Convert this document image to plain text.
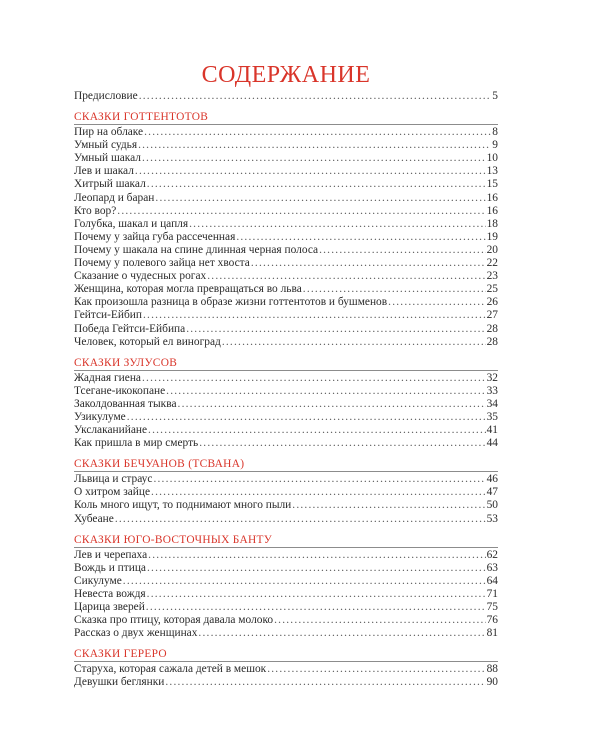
СОДЕРЖАНИЕ
Предисловие .....	5
СКАЗКИ ГОТТЕНТОТОВ
Пир на облаке .....	8
Умный судья .....	9
Умный шакал .....	10
Лев и шакал .....	13
Хитрый шакал .....	15
Леопард и баран .....	16
Кто вор? .....	16
Голубка, шакал и цапля .....	18
Почему у зайца губа рассеченная .....	19
Почему у шакала на спине длинная черная полоса .....	20
Почему у полевого зайца нет хвоста .....	22
Сказание о чудесных рогах .....	23
Женщина, которая могла превращаться во льва .....	25
Как произошла разница в образе жизни готтентотов и бушменов .....	26
Гейтси-Ейбип .....	27
Победа Гейтси-Ейбипа .....	28
Человек, который ел виноград .....	28
СКАЗКИ ЗУЛУСОВ
Жадная гиена .....	32
Тсегане-икокопане .....	33
Заколдованная тыква .....	34
Узикулуме .....	35
Укслаканийане .....	41
Как пришла в мир смерть .....	44
СКАЗКИ БЕЧУАНОВ (ТСВАНА)
Львица и страус .....	46
О хитром зайце .....	47
Коль много ищут, то поднимают много пыли .....	50
Хубеане .....	53
СКАЗКИ ЮГО-ВОСТОЧНЫХ БАНТУ
Лев и черепаха .....	62
Вождь и птица .....	63
Сикулуме .....	64
Невеста вождя .....	71
Царица зверей .....	75
Сказка про птицу, которая давала молоко .....	76
Рассказ о двух женщинах .....	81
СКАЗКИ ГЕРЕРО
Старуха, которая сажала детей в мешок .....	88
Девушки беглянки .....	90
